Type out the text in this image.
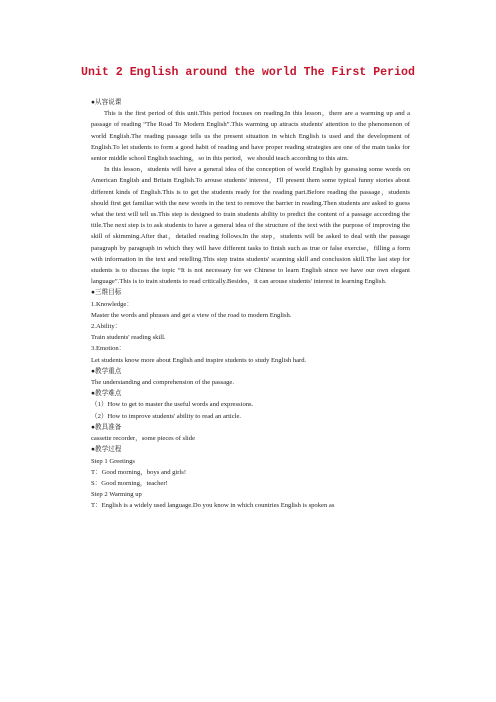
Unit 2 English around the world The First Period

●从容说课

This is the first period of this unit.This period focuses on reading.In this lesson，there are a warming up and a passage of reading “The Road To Modern English”.This warming up attracts students' attention to the phenomenon of world English.The reading passage tells us the present situation in which English is used and the development of English.To let students to form a good habit of reading and have proper reading strategies are one of the main tasks for senior middle school English teaching，so in this period，we should teach according to this aim.

In this lesson，students will have a general idea of the conception of world English by guessing some words on American English and Britain English.To arouse students' interest，I'll present them some typical funny stories about different kinds of English.This is to get the students ready for the reading part.Before reading the passage，students should first get familiar with the new words in the text to remove the barrier in reading.Then students are asked to guess what the text will tell us.This step is designed to train students ability to predict the content of a passage according the title.The next step is to ask students to have a general idea of the structure of the text with the purpose of improving the skill of skimming.After that，detailed reading follows.In the step，students will be asked to deal with the passage paragraph by paragraph in which they will have different tasks to finish such as true or false exercise，filling a form with information in the text and retelling.This step trains students' scanning skill and conclusion skill.The last step for students is to discuss the topic “It is not necessary for we Chinese to learn English since we have our own elegant language”.This is to train students to read critically.Besides，it can arouse students' interest in learning English.

●三维目标

1.Knowledge：

Master the words and phrases and get a view of the road to modern English.

2.Ability：

Train students' reading skill.

3.Emotion：

Let students know more about English and inspire students to study English hard.

●教学重点

The understanding and comprehension of the passage.

●教学难点

（1）How to get to master the useful words and expressions.

（2）How to improve students' ability to read an article.

●教具准备

cassette recorder，some pieces of slide

●教学过程

Step 1 Greetings

T：Good morning，boys and girls!

S：Good morning，teacher!

Step 2 Warming up

T：English is a widely used language.Do you know in which countries English is spoken as
